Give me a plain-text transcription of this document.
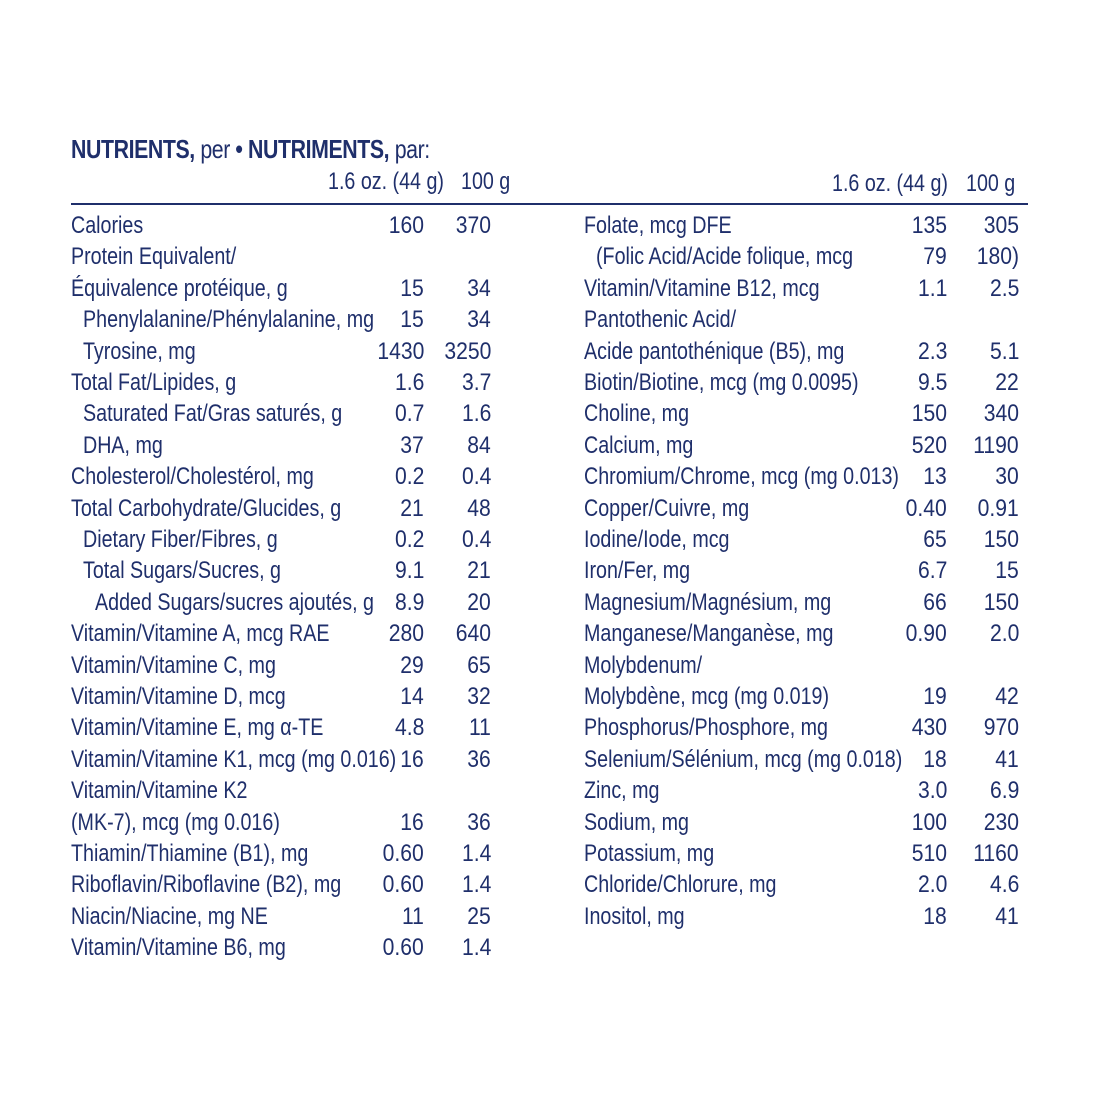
NUTRIENTS, per • NUTRIMENTS, par:
1.6 oz. (44 g) 100 g	1.6 oz. (44 g) 100 g
Calories	160 370
Protein Equivalent/
Équivalence protéique, g	15 34
Phenylalanine/Phénylalanine, mg 15 34
Tyrosine, mg	1430 3250
Total Fat/Lipides, g	1.6 3.7
Saturated Fat/Gras saturés, g 0.7 1.6
DHA, mg	37 84
Cholesterol/Cholestérol, mg	0.2 0.4
Total Carbohydrate/Glucides, g 21 48
Dietary Fiber/Fibres, g	0.2 0.4
Total Sugars/Sucres, g	9.1 21
Added Sugars/sucres ajoutés, g 8.9 20
Vitamin/Vitamine A, mcg RAE 280 640
Vitamin/Vitamine C, mg	29 65
Vitamin/Vitamine D, mcg	14 32
Vitamin/Vitamine E, mg α-TE	4.8 11
Vitamin/Vitamine K1, mcg (mg 0.016) 16 36
Vitamin/Vitamine K2
(MK-7), mcg (mg 0.016)	16 36
Thiamin/Thiamine (B1), mg	0.60 1.4
Riboflavin/Riboflavine (B2), mg 0.60 1.4
Niacin/Niacine, mg NE	11 25
Vitamin/Vitamine B6, mg	0.60 1.4
Folate, mcg DFE	135 305
(Folic Acid/Acide folique, mcg	79 180)
Vitamin/Vitamine B12, mcg	1.1 2.5
Pantothenic Acid/
Acide pantothénique (B5), mg	2.3 5.1
Biotin/Biotine, mcg (mg 0.0095) 9.5 22
Choline, mg	150 340
Calcium, mg	520 1190
Chromium/Chrome, mcg (mg 0.013) 13 30
Copper/Cuivre, mg	0.40 0.91
Iodine/Iode, mcg	65 150
Iron/Fer, mg	6.7 15
Magnesium/Magnésium, mg	66 150
Manganese/Manganèse, mg	0.90 2.0
Molybdenum/
Molybdène, mcg (mg 0.019)	19 42
Phosphorus/Phosphore, mg	430 970
Selenium/Sélénium, mcg (mg 0.018) 18 41
Zinc, mg	3.0 6.9
Sodium, mg	100 230
Potassium, mg	510 1160
Chloride/Chlorure, mg	2.0 4.6
Inositol, mg	18 41
